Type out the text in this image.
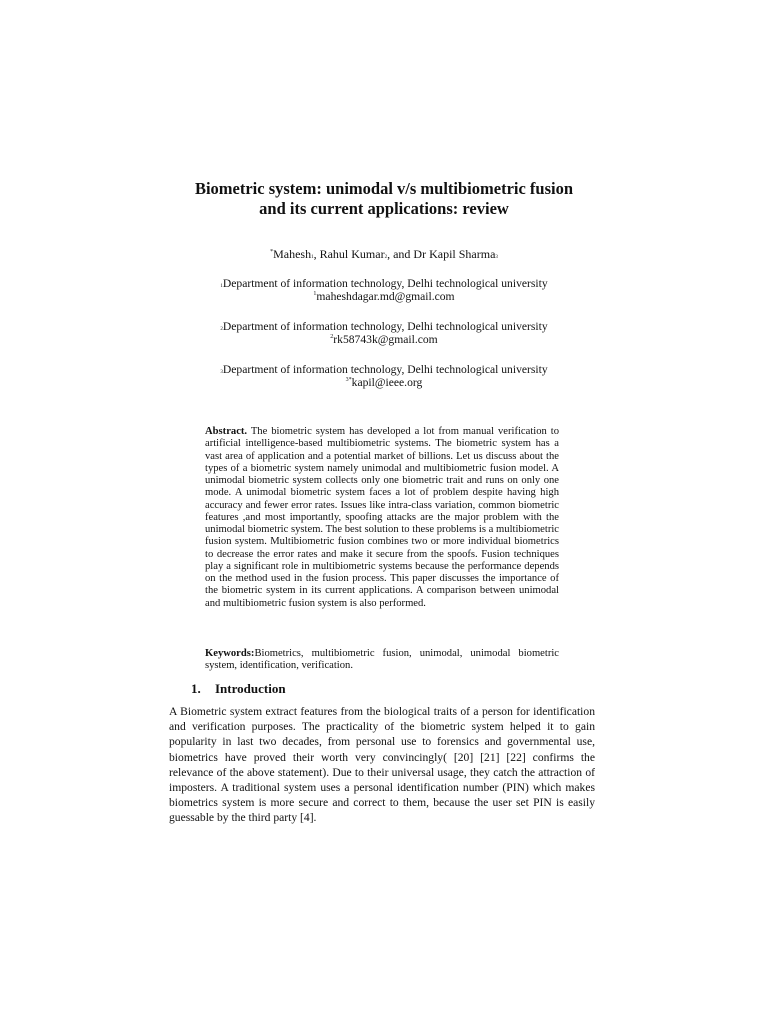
Biometric system: unimodal v/s multibiometric fusion
and its current applications: review
*Mahesh1, Rahul Kumar2, and Dr Kapil Sharma3
1Department of information technology, Delhi technological university
$^1$maheshdagar.md@gmail.com
2Department of information technology, Delhi technological university
$^2$rk58743k@gmail.com
3Department of information technology, Delhi technological university
$^{3*}$kapil@ieee.org

Abstract. The biometric system has developed a lot from manual verification to artificial intelligence-based multibiometric systems. The biometric system has a vast area of application and a potential market of billions. Let us discuss about the types of a biometric system namely unimodal and multibiometric fusion model. A unimodal biometric system collects only one biometric trait and runs on only one mode. A unimodal biometric system faces a lot of problem despite having high accuracy and fewer error rates. Issues like intra-class variation, common biometric features ,and most importantly, spoofing attacks are the major problem with the unimodal biometric system. The best solution to these problems is a multibiometric fusion system. Multibiometric fusion combines two or more individual biometrics to decrease the error rates and make it secure from the spoofs. Fusion techniques play a significant role in multibiometric systems because the performance depends on the method used in the fusion process. This paper discusses the importance of the biometric system in its current applications. A comparison between unimodal and multibiometric fusion system is also performed.

Keywords:Biometrics, multibiometric fusion, unimodal, unimodal biometric system, identification, verification.

1. Introduction

A Biometric system extract features from the biological traits of a person for identification and verification purposes. The practicality of the biometric system helped it to gain popularity in last two decades, from personal use to forensics and governmental use, biometrics have proved their worth very convincingly( [20] [21] [22] confirms the relevance of the above statement). Due to their universal usage, they catch the attraction of imposters. A traditional system uses a personal identification number (PIN) which makes biometrics system is more secure and correct to them, because the user set PIN is easily guessable by the third party [4].
